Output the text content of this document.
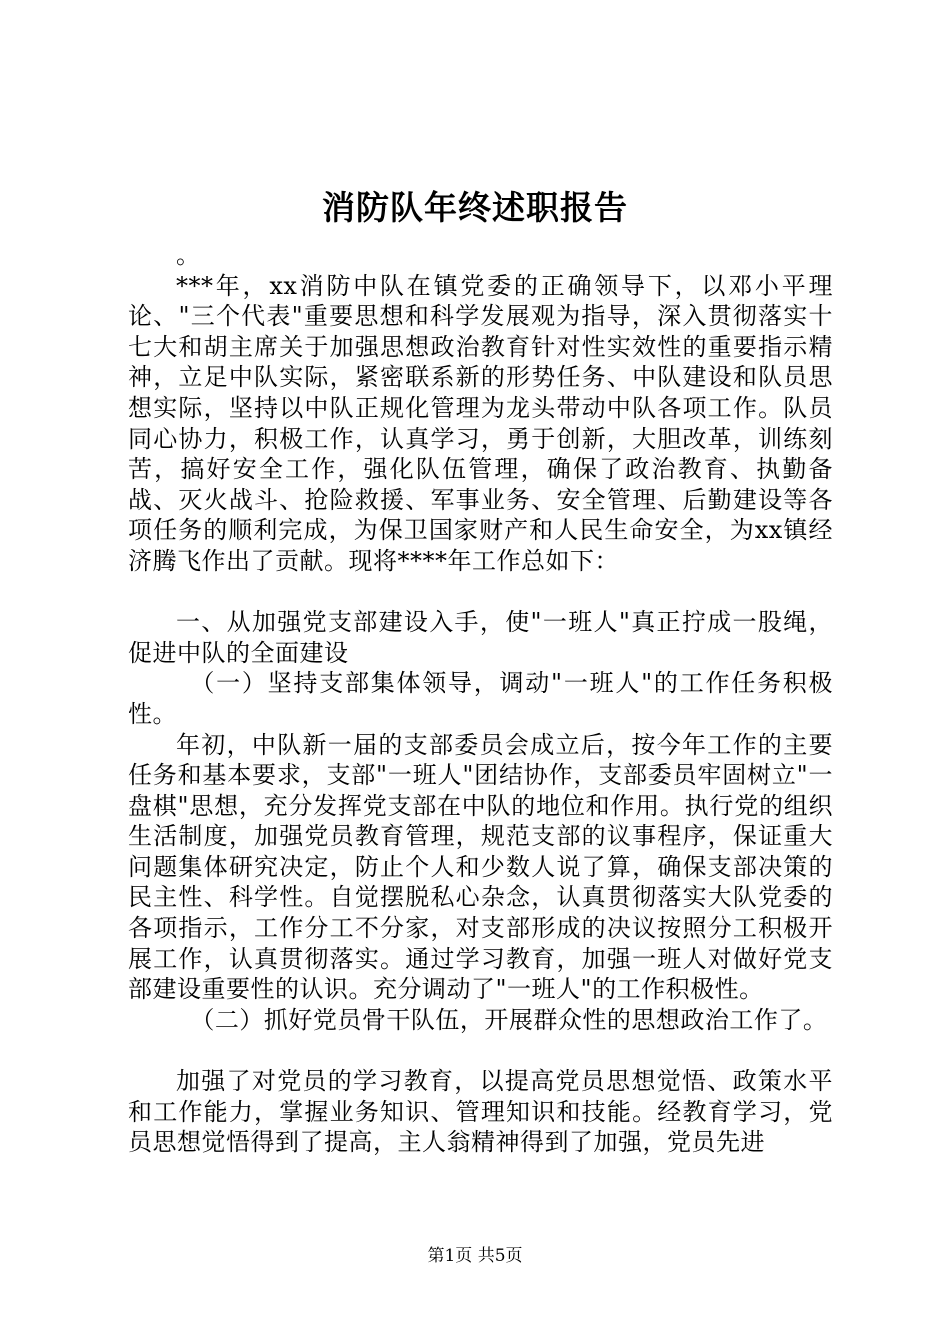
消防队年终述职报告

。

***年，xx消防中队在镇党委的正确领导下，以邓小平理论、"三个代表"重要思想和科学发展观为指导，深入贯彻落实十七大和胡主席关于加强思想政治教育针对性实效性的重要指示精神，立足中队实际，紧密联系新的形势任务、中队建设和队员思想实际，坚持以中队正规化管理为龙头带动中队各项工作。队员同心协力，积极工作，认真学习，勇于创新，大胆改革，训练刻苦，搞好安全工作，强化队伍管理，确保了政治教育、执勤备战、灭火战斗、抢险救援、军事业务、安全管理、后勤建设等各项任务的顺利完成，为保卫国家财产和人民生命安全，为xx镇经济腾飞作出了贡献。现将****年工作总如下：

一、从加强党支部建设入手，使"一班人"真正拧成一股绳，促进中队的全面建设

（一）坚持支部集体领导，调动"一班人"的工作任务积极性。

年初，中队新一届的支部委员会成立后，按今年工作的主要任务和基本要求，支部"一班人"团结协作，支部委员牢固树立"一盘棋"思想，充分发挥党支部在中队的地位和作用。执行党的组织生活制度，加强党员教育管理，规范支部的议事程序，保证重大问题集体研究决定，防止个人和少数人说了算，确保支部决策的民主性、科学性。自觉摆脱私心杂念，认真贯彻落实大队党委的各项指示，工作分工不分家，对支部形成的决议按照分工积极开展工作，认真贯彻落实。通过学习教育，加强一班人对做好党支部建设重要性的认识。充分调动了"一班人"的工作积极性。

（二）抓好党员骨干队伍，开展群众性的思想政治工作了。

加强了对党员的学习教育，以提高党员思想觉悟、政策水平和工作能力，掌握业务知识、管理知识和技能。经教育学习，党员思想觉悟得到了提高，主人翁精神得到了加强，党员先进

第1页 共5页
